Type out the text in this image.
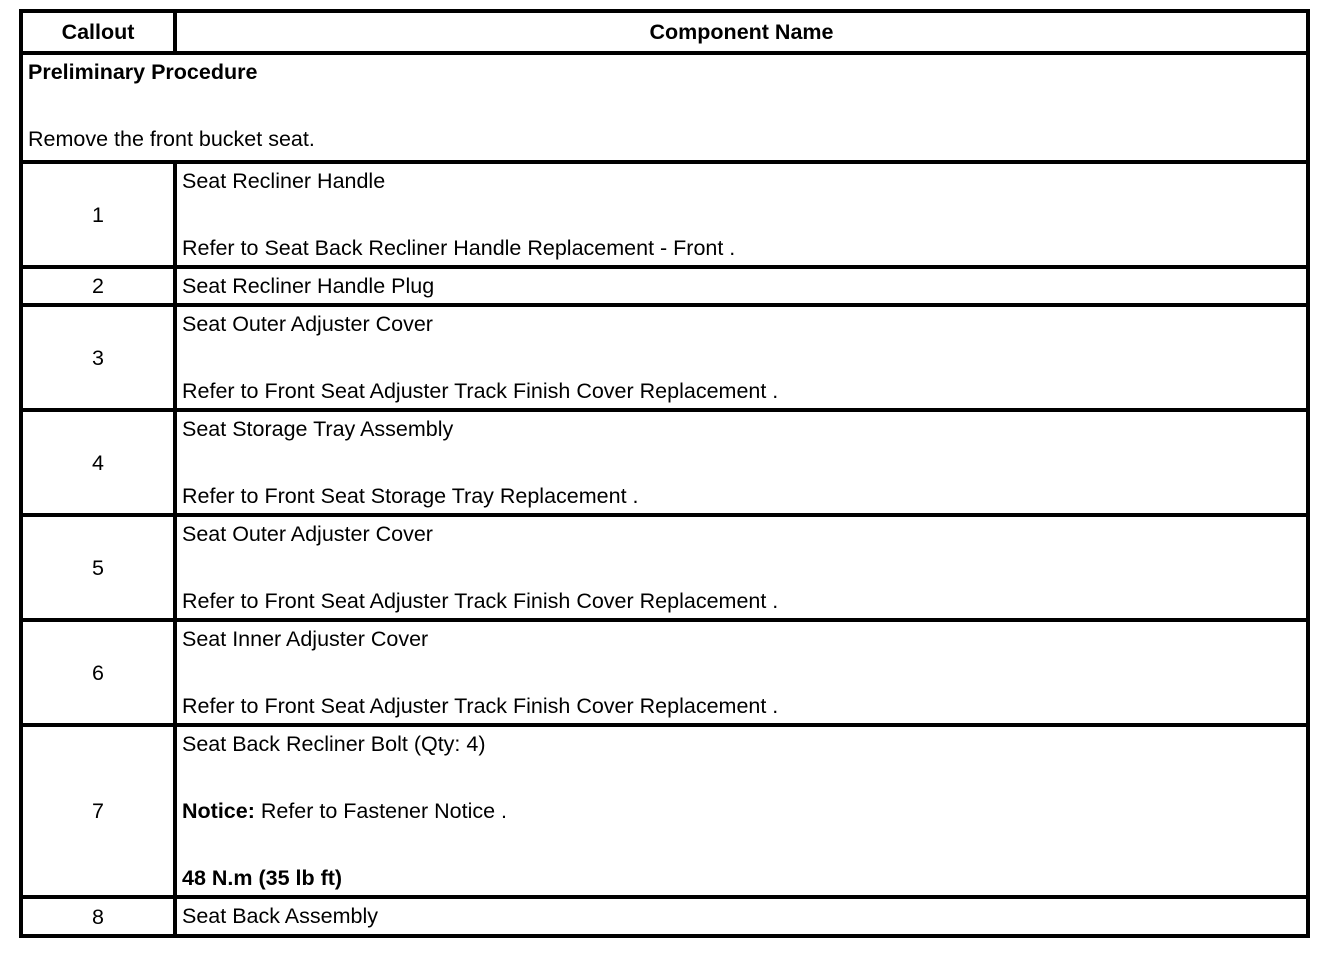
Callout	Component Name

Preliminary Procedure
Remove the front bucket seat.	

1	Seat Recliner Handle
Refer to Seat Back Recliner Handle Replacement - Front .

2	Seat Recliner Handle Plug

3	Seat Outer Adjuster Cover
Refer to Front Seat Adjuster Track Finish Cover Replacement .

4	Seat Storage Tray Assembly
Refer to Front Seat Storage Tray Replacement .

5	Seat Outer Adjuster Cover
Refer to Front Seat Adjuster Track Finish Cover Replacement .

6	Seat Inner Adjuster Cover
Refer to Front Seat Adjuster Track Finish Cover Replacement .

7	Seat Back Recliner Bolt (Qty: 4)
Notice: Refer to Fastener Notice .
48 N.m (35 lb ft)

8	Seat Back Assembly
